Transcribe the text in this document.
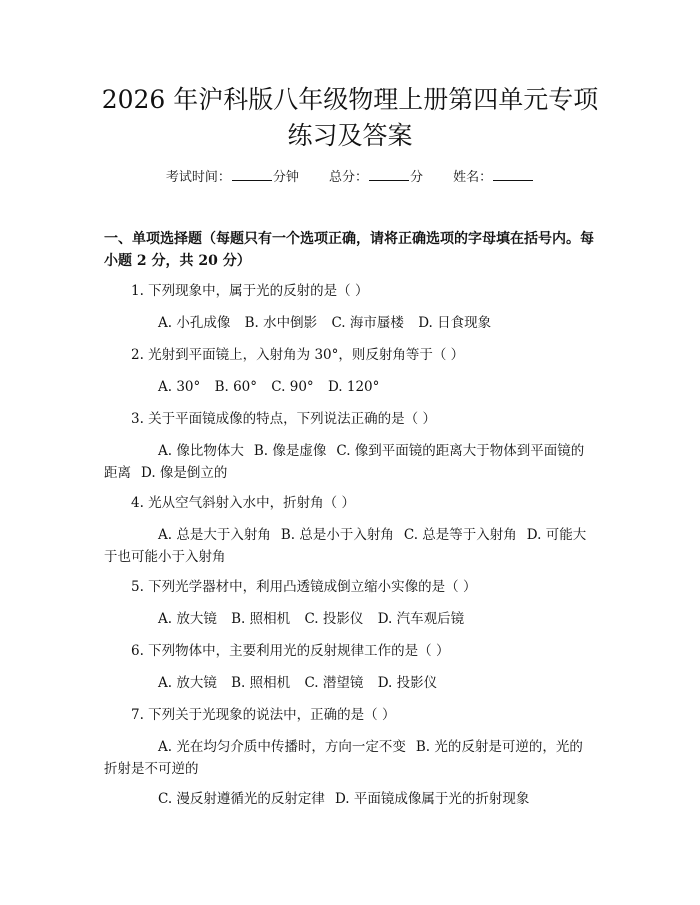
2026 年沪科版八年级物理上册第四单元专项
练习及答案
考试时间：	分钟 总分：	分 姓名：
一、单项选择题（每题只有一个选项正确，请将正确选项的字母填在括号内。每小题 2 分，共 20 分）
1. 下列现象中，属于光的反射的是（ ）
A. 小孔成像 B. 水中倒影 C. 海市蜃楼 D. 日食现象
2. 光射到平面镜上，入射角为 30°，则反射角等于（ ）
A. 30° B. 60° C. 90° D. 120°
3. 关于平面镜成像的特点，下列说法正确的是（ ）
A. 像比物体大 B. 像是虚像 C. 像到平面镜的距离大于物体到平面镜的距离 D. 像是倒立的
4. 光从空气斜射入水中，折射角（ ）
A. 总是大于入射角 B. 总是小于入射角 C. 总是等于入射角 D. 可能大于也可能小于入射角
5. 下列光学器材中，利用凸透镜成倒立缩小实像的是（ ）
A. 放大镜 B. 照相机 C. 投影仪 D. 汽车观后镜
6. 下列物体中，主要利用光的反射规律工作的是（ ）
A. 放大镜 B. 照相机 C. 潜望镜 D. 投影仪
7. 下列关于光现象的说法中，正确的是（ ）
A. 光在均匀介质中传播时，方向一定不变 B. 光的反射是可逆的，光的折射是不可逆的
C. 漫反射遵循光的反射定律 D. 平面镜成像属于光的折射现象
